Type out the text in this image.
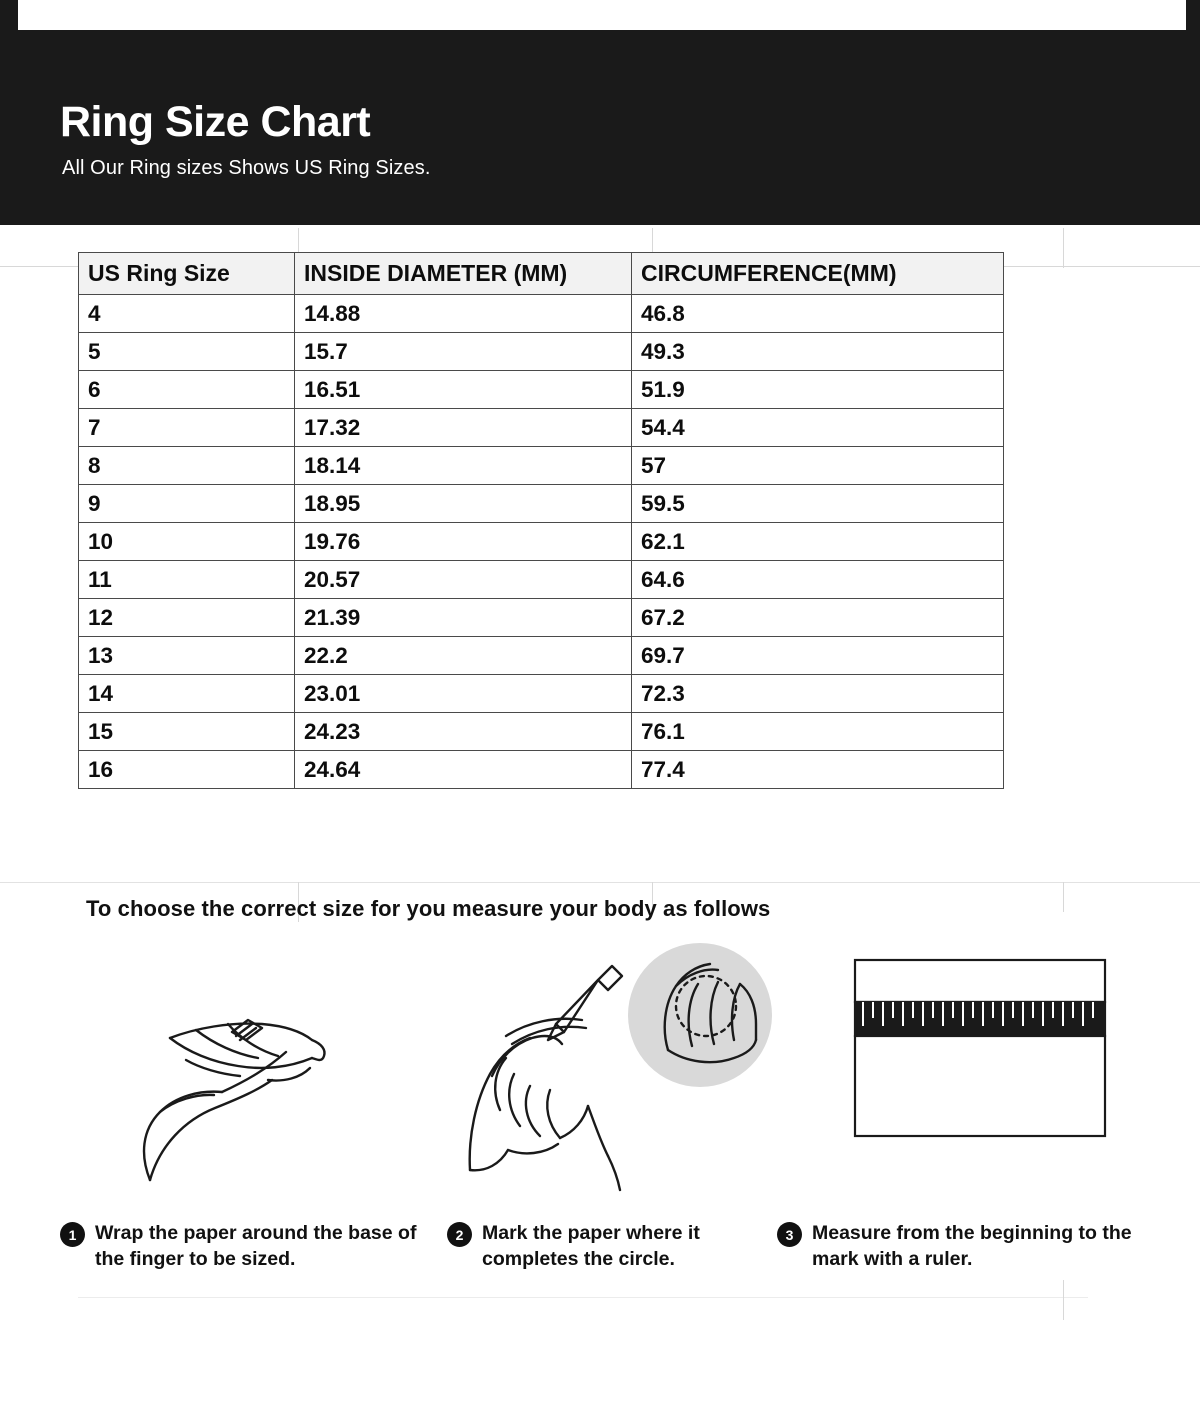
Ring Size Chart

All Our Ring sizes Shows US Ring Sizes.

US Ring Size	INSIDE DIAMETER (MM)	CIRCUMFERENCE(MM)
4	14.88	46.8
5	15.7	49.3
6	16.51	51.9
7	17.32	54.4
8	18.14	57
9	18.95	59.5
10	19.76	62.1
11	20.57	64.6
12	21.39	67.2
13	22.2	69.7
14	23.01	72.3
15	24.23	76.1
16	24.64	77.4
To choose the correct size for you measure your body as follows
1 Wrap the paper around the base of the finger to be sized.
2 Mark the paper where it completes the circle.
3 Measure from the beginning to the mark with a ruler.
